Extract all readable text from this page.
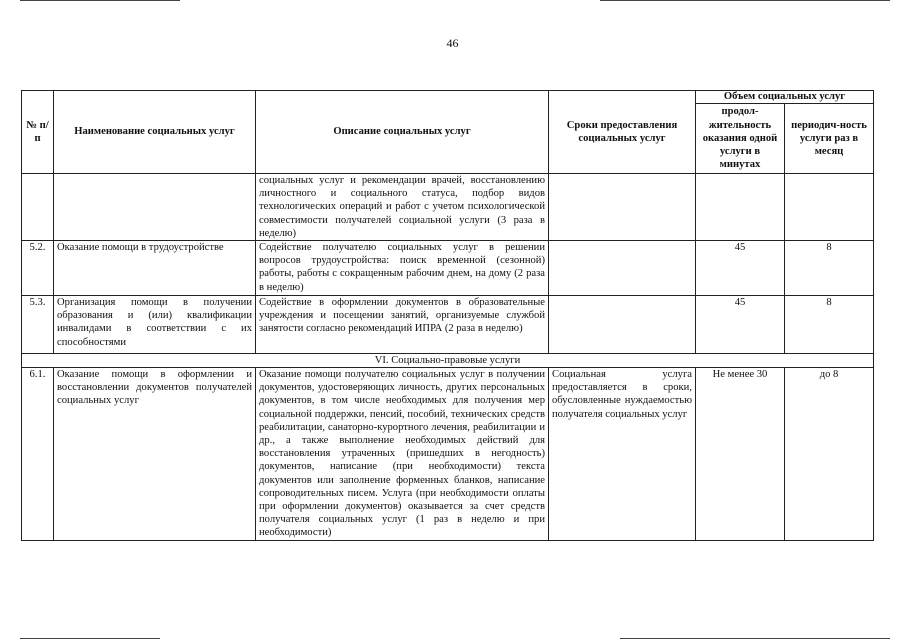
46
№ п/п	Наименование социальных услуг	Описание социальных услуг	Сроки предоставления социальных услуг	Объем социальных услуг	
				продол-жительность оказания одной услуги в минутах	периодич-ность услуги раз в месяц
		социальных услуг и рекомендации врачей, восстановлению личностного и социального статуса, подбор видов технологических операций и работ с учетом психологической совместимости получателей социальной услуги (3 раза в неделю)			
5.2.	Оказание помощи в трудоустройстве	Содействие получателю социальных услуг в решении вопросов трудоустройства: поиск временной (сезонной) работы, работы с сокращенным рабочим днем, на дому (2 раза в неделю)		45	8
5.3.	Организация помощи в получении образования и (или) квалификации инвалидами в соответствии с их способностями	Содействие в оформлении документов в образовательные учреждения и посещении занятий, организуемые службой занятости согласно рекомендаций ИПРА (2 раза в неделю)		45	8
VI. Социально-правовые услуги					
6.1.	Оказание помощи в оформлении и восстановлении документов получателей социальных услуг	Оказание помощи получателю социальных услуг в получении документов, удостоверяющих личность, других персональных документов, в том числе необходимых для получения мер социальной поддержки, пенсий, пособий, технических средств реабилитации, санаторно-курортного лечения, реабилитации и др., а также выполнение необходимых действий для восстановления утраченных (пришедших в негодность) документов, написание (при необходимости) текста документов или заполнение форменных бланков, написание сопроводительных писем. Услуга (при необходимости оплаты при оформлении документов) оказывается за счет средств получателя социальных услуг (1 раз в неделю и при необходимости)	Социальная услуга предоставляется в сроки, обусловленные нуждаемостью получателя социальных услуг	Не менее 30	до 8
